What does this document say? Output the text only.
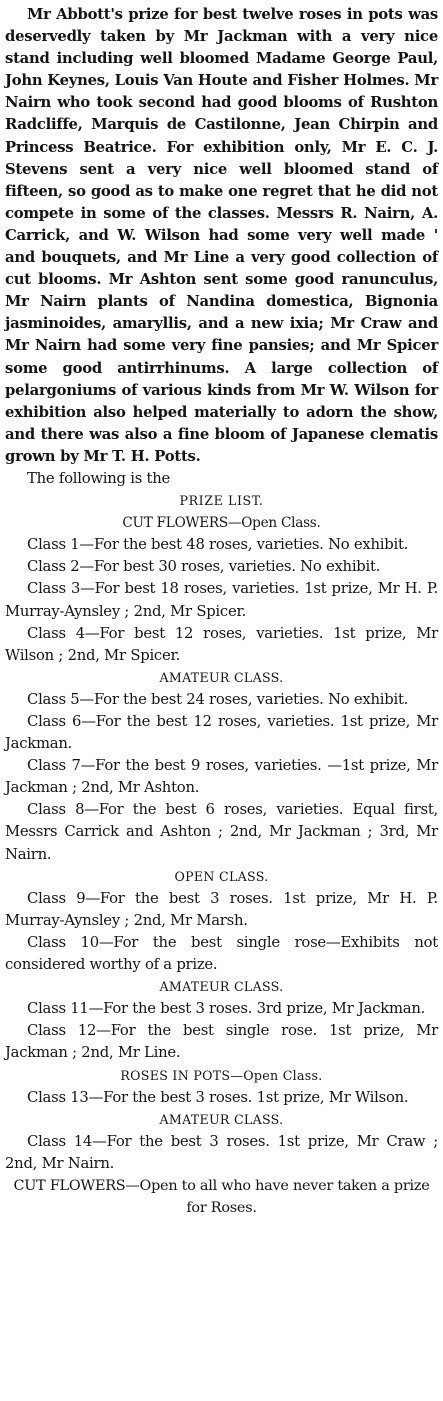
Mr Abbott's prize for best twelve roses in pots was deservedly taken by Mr Jackman with a very nice stand including well bloomed Madame George Paul, John Keynes, Louis Van Houte and Fisher Holmes. Mr Nairn who took second had good blooms of Rushton Radcliffe, Marquis de Castilonne, Jean Chirpin and Princess Beatrice. For exhibition only, Mr E. C. J. Stevens sent a very nice well bloomed stand of fifteen, so good as to make one regret that he did not compete in some of the classes. Messrs R. Nairn, A. Carrick, and W. Wilson had some very well made ' and bouquets, and Mr Line a very good collection of cut blooms. Mr Ashton sent some good ranunculus, Mr Nairn plants of Nandina domestica, Bignonia jasminoides, amaryllis, and a new ixia; Mr Craw and Mr Nairn had some very fine pansies; and Mr Spicer some good antirrhinums. A large collection of pelargoniums of various kinds from Mr W. Wilson for exhibition also helped materially to adorn the show, and there was also a fine bloom of Japanese clematis grown by Mr T. H. Potts.

The following is the

PRIZE LIST.

CUT FLOWERS—Open Class.

Class 1—For the best 48 roses, varieties. No exhibit.

Class 2—For best 30 roses, varieties. No exhibit.

Class 3—For best 18 roses, varieties. 1st prize, Mr H. P. Murray-Aynsley ; 2nd, Mr Spicer.

Class 4—For best 12 roses, varieties. 1st prize, Mr Wilson ; 2nd, Mr Spicer.

AMATEUR CLASS.

Class 5—For the best 24 roses, varieties. No exhibit.

Class 6—For the best 12 roses, varieties. 1st prize, Mr Jackman.

Class 7—For the best 9 roses, varieties. —1st prize, Mr Jackman ; 2nd, Mr Ashton.

Class 8—For the best 6 roses, varieties. Equal first, Messrs Carrick and Ashton ; 2nd, Mr Jackman ; 3rd, Mr Nairn.

OPEN CLASS.

Class 9—For the best 3 roses. 1st prize, Mr H. P. Murray-Aynsley ; 2nd, Mr Marsh.

Class 10—For the best single rose—Exhibits not considered worthy of a prize.

AMATEUR CLASS.

Class 11—For the best 3 roses. 3rd prize, Mr Jackman.

Class 12—For the best single rose. 1st prize, Mr Jackman ; 2nd, Mr Line.

ROSES IN POTS—Open Class.

Class 13—For the best 3 roses. 1st prize, Mr Wilson.

AMATEUR CLASS.

Class 14—For the best 3 roses. 1st prize, Mr Craw ; 2nd, Mr Nairn.

CUT FLOWERS—Open to all who have never taken a prize for Roses.
